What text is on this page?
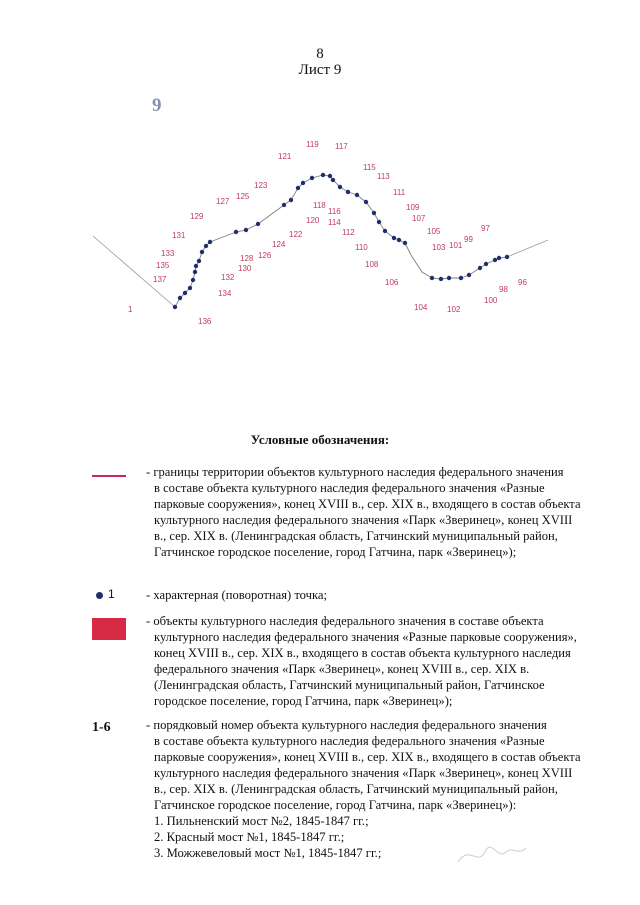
8
Лист 9
9
1
136
134
137
135
133
131
129
132
130
128 126
124
122
127
125
123
121
119 117
115
113
111
109
107
105
118
116
120 114
112
110
108
106
104 102
103 101
99
97
100
98
96
Условные обозначения:
- границы территории объектов культурного наследия федерального значения
в составе объекта культурного наследия федерального значения «Разные парковые сооружения», конец XVIII в., сер. XIX в., входящего в состав объекта культурного наследия федерального значения «Парк «Зверинец», конец XVIII в., сер. XIX в. (Ленинградская область, Гатчинский муниципальный район, Гатчинское городское поселение, город Гатчина, парк «Зверинец»);
1 - характерная (поворотная) точка;
- объекты культурного наследия федерального значения в составе объекта
культурного наследия федерального значения «Разные парковые сооружения», конец XVIII в., сер. XIX в., входящего в состав объекта культурного наследия федерального значения «Парк «Зверинец», конец XVIII в., сер. XIX в. (Ленинградская область, Гатчинский муниципальный район, Гатчинское городское поселение, город Гатчина, парк «Зверинец»);
1-6	- порядковый номер объекта культурного наследия федерального значения
в составе объекта культурного наследия федерального значения «Разные парковые сооружения», конец XVIII в., сер. XIX в., входящего в состав объекта культурного наследия федерального значения «Парк «Зверинец», конец XVIII в., сер. XIX в. (Ленинградская область, Гатчинский муниципальный район, Гатчинское городское поселение, город Гатчина, парк «Зверинец»):
1. Пильненский мост №2, 1845-1847 гг.;
2. Красный мост №1, 1845-1847 гг.;
3. Можжевеловый мост №1, 1845-1847 гг.;
